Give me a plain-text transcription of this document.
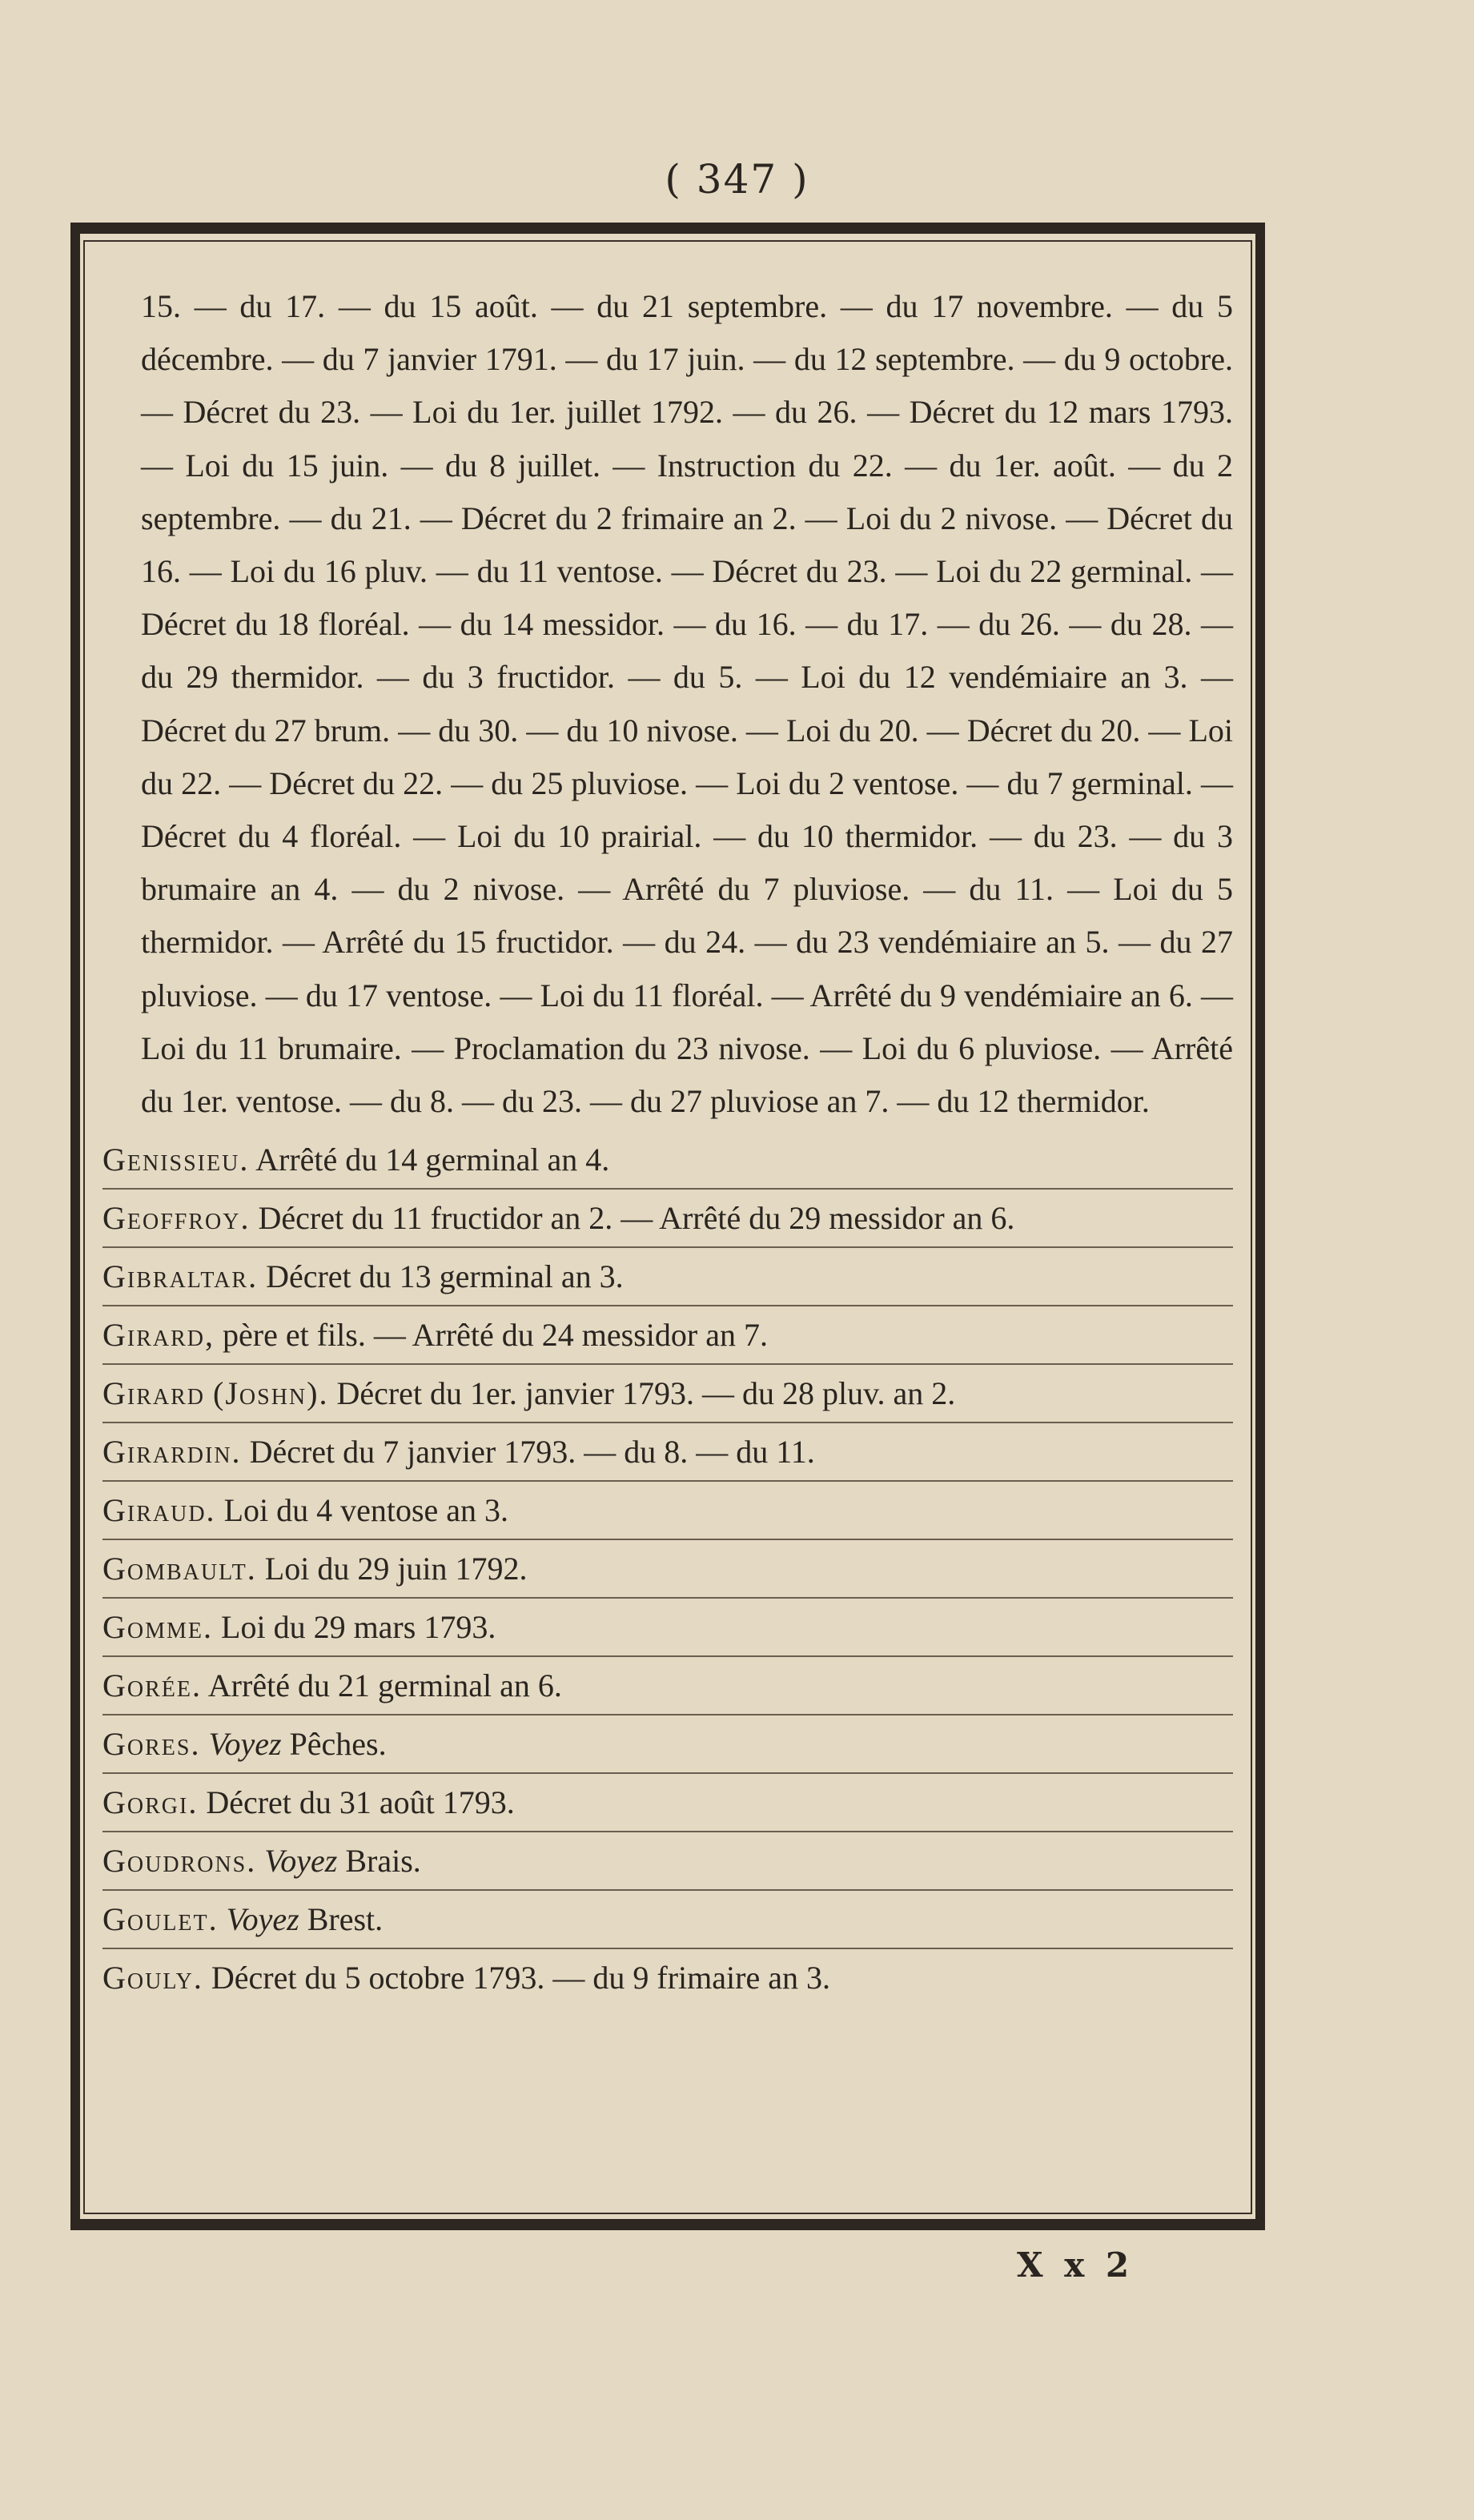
( 347 )

15. — du 17. — du 15 août. — du 21 septembre. — du 17 novembre. — du 5 décembre. — du 7 janvier 1791. — du 17 juin. — du 12 septembre. — du 9 octobre. — Décret du 23. — Loi du 1er. juillet 1792. — du 26. — Décret du 12 mars 1793. — Loi du 15 juin. — du 8 juillet. — Instruction du 22. — du 1er. août. — du 2 septembre. — du 21. — Décret du 2 frimaire an 2. — Loi du 2 nivose. — Décret du 16. — Loi du 16 pluv. — du 11 ventose. — Décret du 23. — Loi du 22 germinal. — Décret du 18 floréal. — du 14 messidor. — du 16. — du 17. — du 26. — du 28. — du 29 thermidor. — du 3 fructidor. — du 5. — Loi du 12 vendémiaire an 3. — Décret du 27 brum. — du 30. — du 10 nivose. — Loi du 20. — Décret du 20. — Loi du 22. — Décret du 22. — du 25 pluviose. — Loi du 2 ventose. — du 7 germinal. — Décret du 4 floréal. — Loi du 10 prairial. — du 10 thermidor. — du 23. — du 3 brumaire an 4. — du 2 nivose. — Arrêté du 7 pluviose. — du 11. — Loi du 5 thermidor. — Arrêté du 15 fructidor. — du 24. — du 23 vendémiaire an 5. — du 27 pluviose. — du 17 ventose. — Loi du 11 floréal. — Arrêté du 9 vendémiaire an 6. — Loi du 11 brumaire. — Proclamation du 23 nivose. — Loi du 6 pluviose. — Arrêté du 1er. ventose. — du 8. — du 23. — du 27 pluviose an 7. — du 12 thermidor.

Genissieu. Arrêté du 14 germinal an 4.
Geoffroy. Décret du 11 fructidor an 2. — Arrêté du 29 messidor an 6.
Gibraltar. Décret du 13 germinal an 3.
Girard, père et fils. — Arrêté du 24 messidor an 7.
Girard (Joshn). Décret du 1er. janvier 1793. — du 28 pluv. an 2.
Girardin. Décret du 7 janvier 1793. — du 8. — du 11.
Giraud. Loi du 4 ventose an 3.
Gombault. Loi du 29 juin 1792.
Gomme. Loi du 29 mars 1793.
Gorée. Arrêté du 21 germinal an 6.
Gores. Voyez Pêches.
Gorgi. Décret du 31 août 1793.
Goudrons. Voyez Brais.
Goulet. Voyez Brest.
Gouly. Décret du 5 octobre 1793. — du 9 frimaire an 3.
X x 2
